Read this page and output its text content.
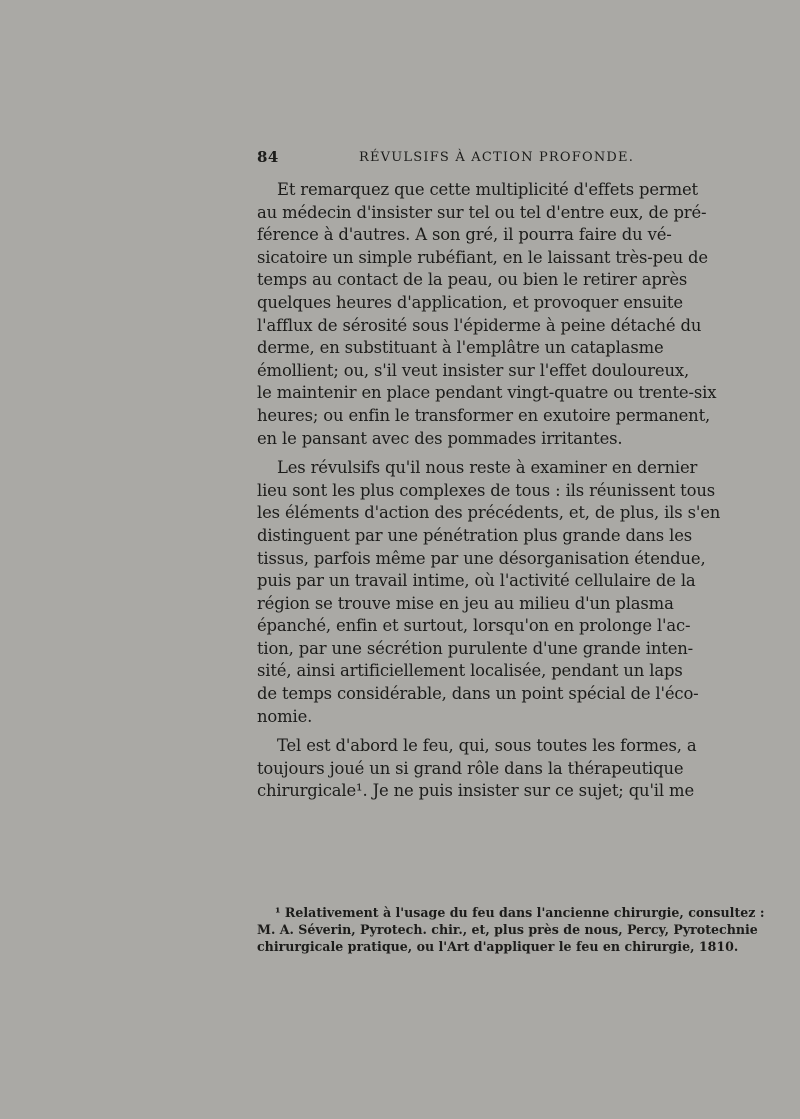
84	RÉVULSIFS À ACTION PROFONDE.
Et remarquez que cette multiplicité d'effets permet
au médecin d'insister sur tel ou tel d'entre eux, de pré-
férence à d'autres. A son gré, il pourra faire du vé-
sicatoire un simple rubéfiant, en le laissant très-peu de
temps au contact de la peau, ou bien le retirer après
quelques heures d'application, et provoquer ensuite
l'afflux de sérosité sous l'épiderme à peine détaché du
derme, en substituant à l'emplâtre un cataplasme
émollient; ou, s'il veut insister sur l'effet douloureux,
le maintenir en place pendant vingt-quatre ou trente-six
heures; ou enfin le transformer en exutoire permanent,
en le pansant avec des pommades irritantes.
Les révulsifs qu'il nous reste à examiner en dernier
lieu sont les plus complexes de tous : ils réunissent tous
les éléments d'action des précédents, et, de plus, ils s'en
distinguent par une pénétration plus grande dans les
tissus, parfois même par une désorganisation étendue,
puis par un travail intime, où l'activité cellulaire de la
région se trouve mise en jeu au milieu d'un plasma
épanché, enfin et surtout, lorsqu'on en prolonge l'ac-
tion, par une sécrétion purulente d'une grande inten-
sité, ainsi artificiellement localisée, pendant un laps
de temps considérable, dans un point spécial de l'éco-
nomie.
Tel est d'abord le feu, qui, sous toutes les formes, a
toujours joué un si grand rôle dans la thérapeutique
chirurgicale¹. Je ne puis insister sur ce sujet; qu'il me
¹ Relativement à l'usage du feu dans l'ancienne chirurgie, consultez :
M. A. Séverin, Pyrotech. chir., et, plus près de nous, Percy, Pyrotechnie
chirurgicale pratique, ou l'Art d'appliquer le feu en chirurgie, 1810.
